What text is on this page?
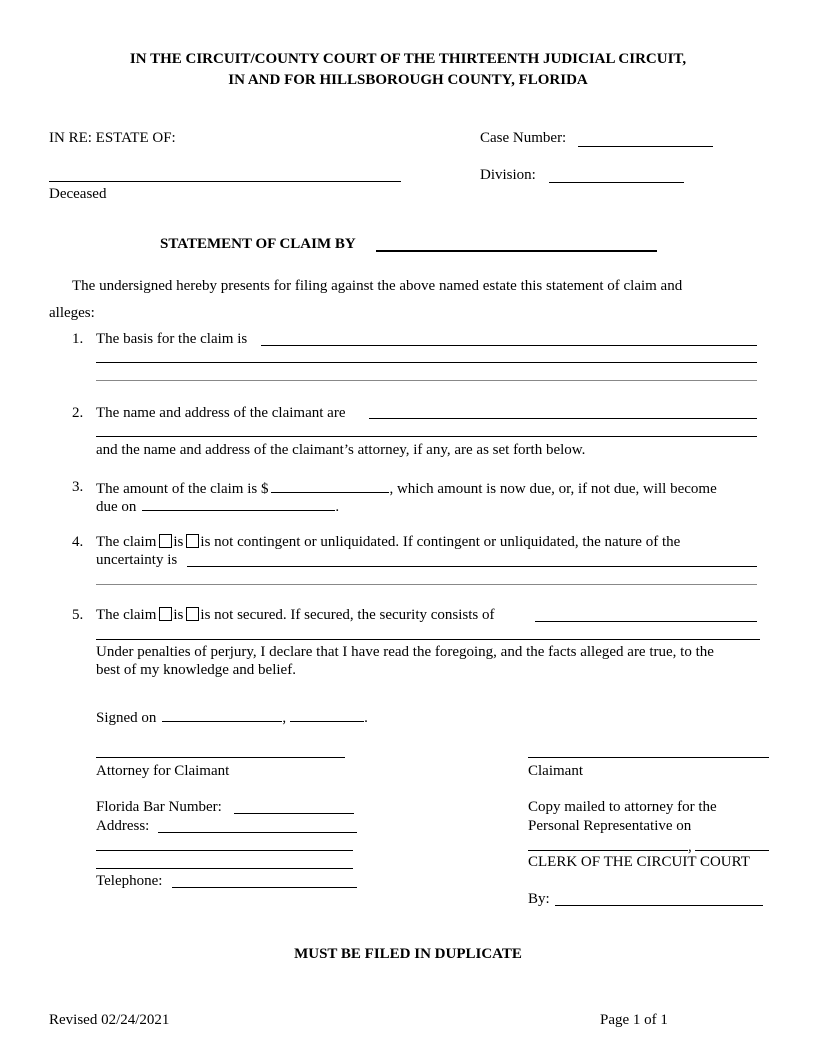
IN THE CIRCUIT/COUNTY COURT OF THE THIRTEENTH JUDICIAL CIRCUIT,
IN AND FOR HILLSBOROUGH COUNTY, FLORIDA
IN RE: ESTATE OF:	Case Number:
Division:
Deceased
STATEMENT OF CLAIM BY
The undersigned hereby presents for filing against the above named estate this statement of claim and
alleges:
1. The basis for the claim is
2. The name and address of the claimant are
and the name and address of the claimant’s attorney, if any, are as set forth below.
3. The amount of the claim is $	, which amount is now due, or, if not due, will become
due on	.
4. The claim is is not contingent or unliquidated. If contingent or unliquidated, the nature of the
uncertainty is
5. The claim is is not secured. If secured, the security consists of
Under penalties of perjury, I declare that I have read the foregoing, and the facts alleged are true, to the
best of my knowledge and belief.
Signed on	,	.
Attorney for Claimant
Florida Bar Number:
Address:
Telephone:
Claimant
Copy mailed to attorney for the
Personal Representative on
,
CLERK OF THE CIRCUIT COURT
By:
MUST BE FILED IN DUPLICATE
Revised 02/24/2021	Page 1 of 1
